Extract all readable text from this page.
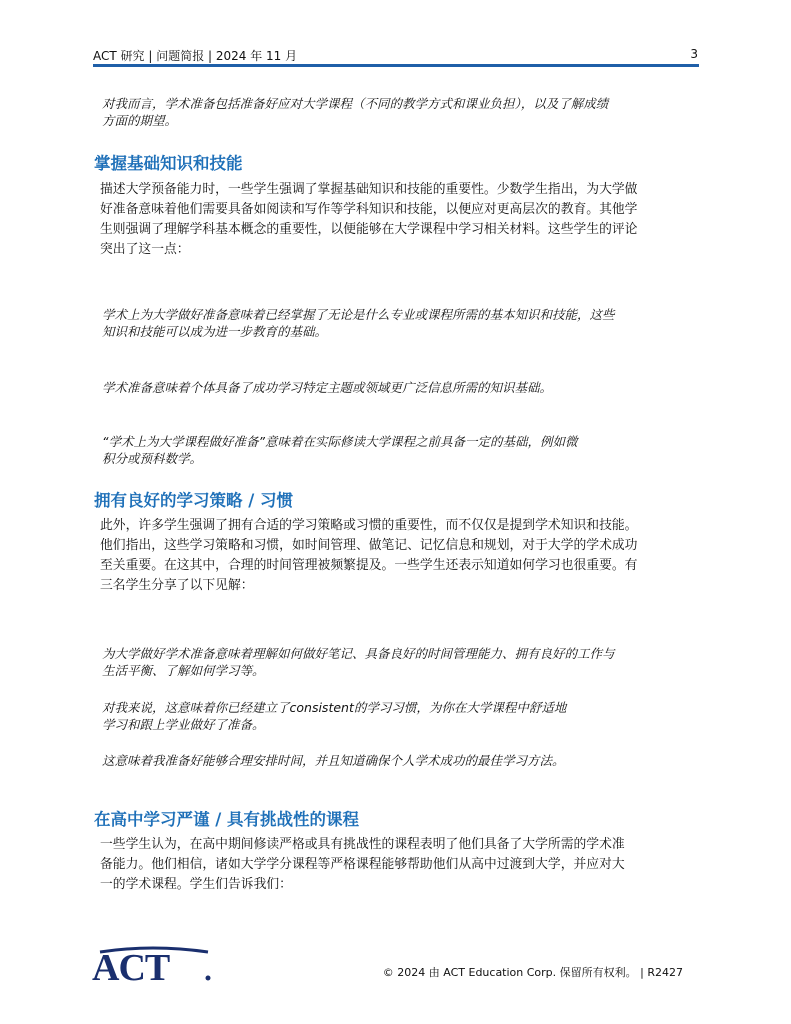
ACT 研究 | 问题简报 | 2024 年 11 月	3
对我而言，学术准备包括准备好应对大学课程（不同的教学方式和课业负担），以及了解成绩
方面的期望。
掌握基础知识和技能
描述大学预备能力时，一些学生强调了掌握基础知识和技能的重要性。少数学生指出，为大学做
好准备意味着他们需要具备如阅读和写作等学科知识和技能，以便应对更高层次的教育。其他学
生则强调了理解学科基本概念的重要性，以便能够在大学课程中学习相关材料。这些学生的评论
突出了这一点：
学术上为大学做好准备意味着已经掌握了无论是什么专业或课程所需的基本知识和技能，这些
知识和技能可以成为进一步教育的基础。
学术准备意味着个体具备了成功学习特定主题或领域更广泛信息所需的知识基础。
“学术上为大学课程做好准备”意味着在实际修读大学课程之前具备一定的基础，例如微
积分或预科数学。
拥有良好的学习策略 / 习惯
此外，许多学生强调了拥有合适的学习策略或习惯的重要性，而不仅仅是提到学术知识和技能。
他们指出，这些学习策略和习惯，如时间管理、做笔记、记忆信息和规划，对于大学的学术成功
至关重要。在这其中，合理的时间管理被频繁提及。一些学生还表示知道如何学习也很重要。有
三名学生分享了以下见解：
为大学做好学术准备意味着理解如何做好笔记、具备良好的时间管理能力、拥有良好的工作与
生活平衡、了解如何学习等。
对我来说，这意味着你已经建立了consistent的学习习惯，为你在大学课程中舒适地
学习和跟上学业做好了准备。
这意味着我准备好能够合理安排时间，并且知道确保个人学术成功的最佳学习方法。
在高中学习严谨 / 具有挑战性的课程
一些学生认为，在高中期间修读严格或具有挑战性的课程表明了他们具备了大学所需的学术准
备能力。他们相信，诸如大学学分课程等严格课程能够帮助他们从高中过渡到大学，并应对大
一的学术课程。学生们告诉我们：
ACT	© 2024 由 ACT Education Corp. 保留所有权利。 | R2427
